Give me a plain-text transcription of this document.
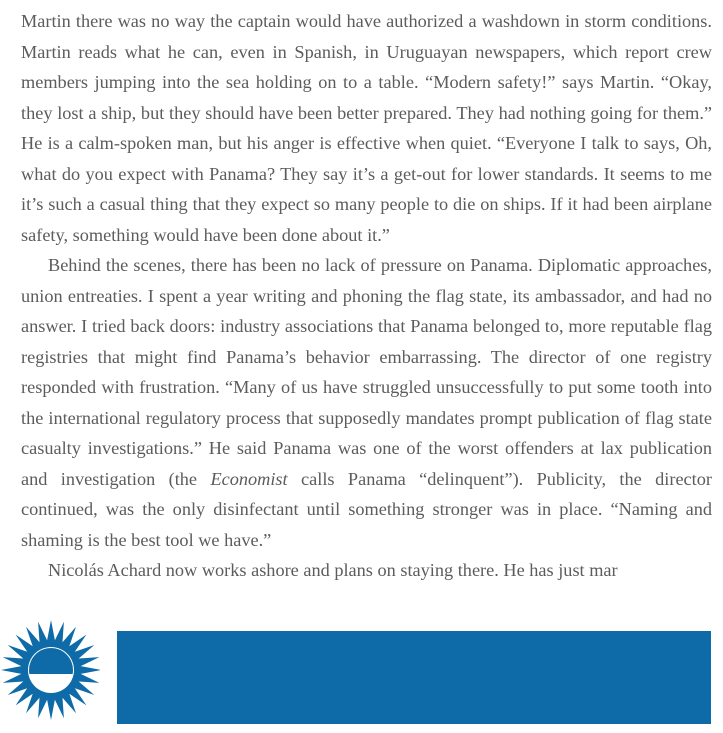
Martin there was no way the captain would have authorized a washdown in storm conditions. Martin reads what he can, even in Spanish, in Uruguayan newspapers, which report crew members jumping into the sea holding on to a table. “Modern safety!” says Martin. “Okay, they lost a ship, but they should have been better prepared. They had nothing going for them.” He is a calm-spoken man, but his anger is effective when quiet. “Everyone I talk to says, Oh, what do you expect with Panama? They say it’s a get-out for lower standards. It seems to me it’s such a casual thing that they expect so many people to die on ships. If it had been airplane safety, something would have been done about it.”

Behind the scenes, there has been no lack of pressure on Panama. Diplomatic approaches, union entreaties. I spent a year writing and phoning the flag state, its ambassador, and had no answer. I tried back doors: industry associations that Panama belonged to, more reputable flag registries that might find Panama’s behavior embarrassing. The director of one registry responded with frustration. “Many of us have struggled unsuccessfully to put some tooth into the international regulatory process that supposedly mandates prompt publication of flag state casualty investigations.” He said Panama was one of the worst offenders at lax publication and investigation (the Economist calls Panama “delinquent”). Publicity, the director continued, was the only disinfectant until something stronger was in place. “Naming and shaming is the best tool we have.”

Nicolás Achard now works ashore and plans on staying there. He has just mar
